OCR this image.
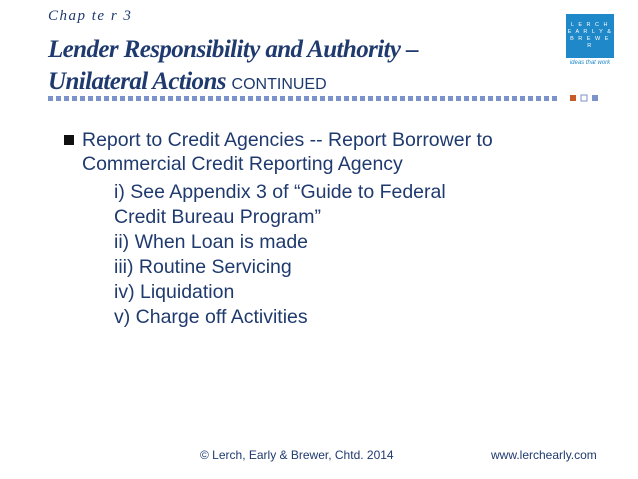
Chap te r 3
Lender Responsibility and Authority –
Unilateral Actions CONTINUED
L E R C H
E A R L Y &
B R E W E R
ideas that work
Report to Credit Agencies -- Report Borrower to
Commercial Credit Reporting Agency
i) See Appendix 3 of “Guide to Federal
Credit Bureau Program”
ii) When Loan is made
iii) Routine Servicing
iv) Liquidation
v) Charge off Activities
© Lerch, Early & Brewer, Chtd. 2014	www.lerchearly.com
